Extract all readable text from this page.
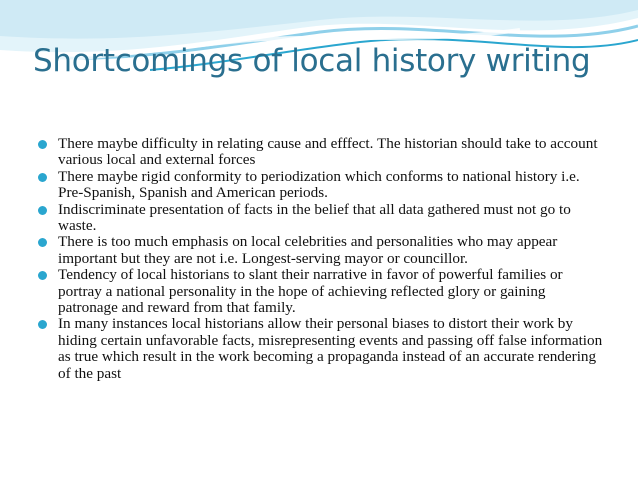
Shortcomings of local history writing
There maybe difficulty in relating cause and efffect. The historian should take to account various local and external forces
There maybe rigid conformity to periodization which conforms to national history i.e. Pre-Spanish, Spanish and American periods.
Indiscriminate presentation of facts in the belief that all data gathered must not go to waste.
There is too much emphasis on local celebrities and personalities who may appear important but they are not i.e. Longest-serving mayor or councillor.
Tendency of local historians to slant their narrative in favor of powerful families or portray a national personality in the hope of achieving reflected glory or gaining patronage and reward from that family.
In many instances local historians allow their personal biases to distort their work by hiding certain unfavorable facts, misrepresenting events and passing off false information as true which result in the work becoming a propaganda instead of an accurate rendering of the past
